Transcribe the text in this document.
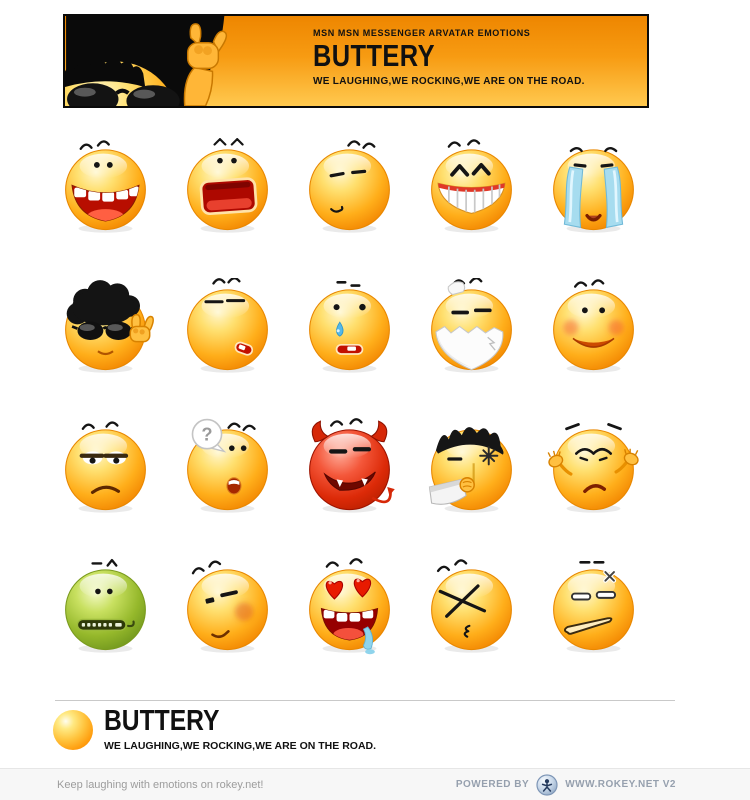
MSN MSN MESSENGER ARVATAR EMOTIONS
BUTTERY
WE LAUGHING,WE ROCKING,WE ARE ON THE ROAD.
?
BUTTERY
WE LAUGHING,WE ROCKING,WE ARE ON THE ROAD.
Keep laughing with emotions on rokey.net!	POWERED BY	WWW.ROKEY.NET V2
